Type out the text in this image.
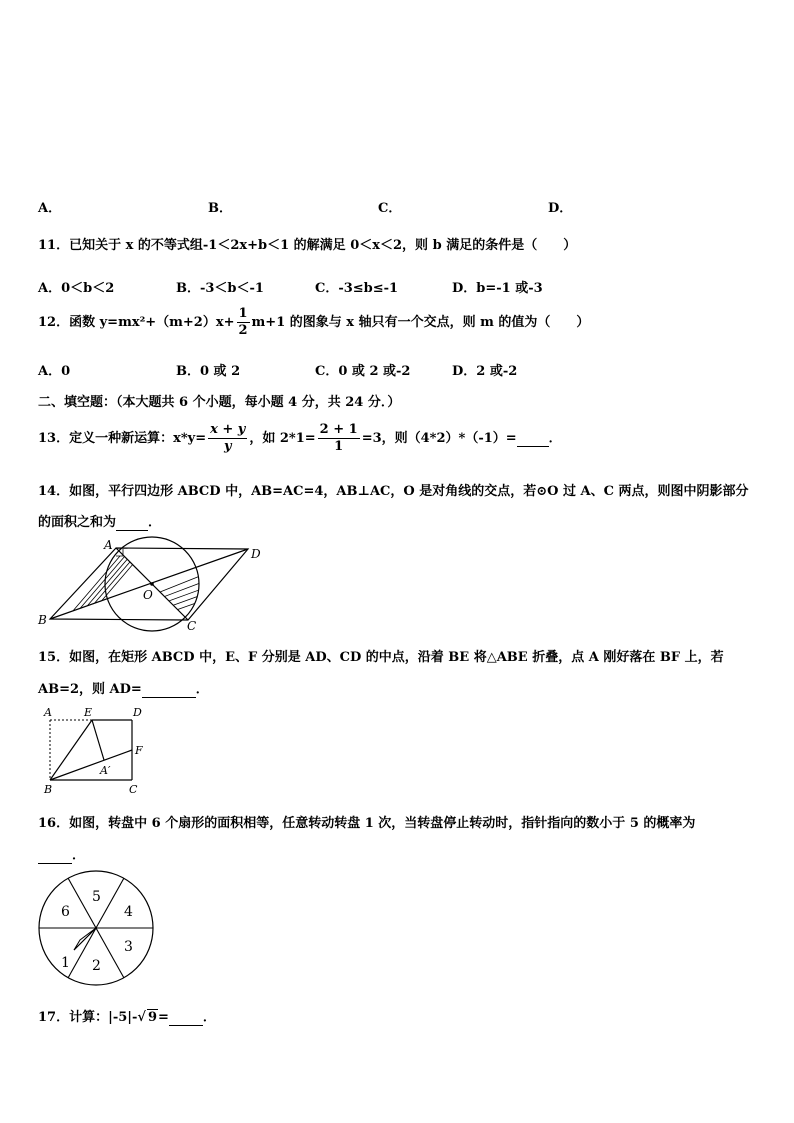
A．	B．	C．	D．
11．已知关于 x 的不等式组-1＜2x+b＜1 的解满足 0＜x＜2，则 b 满足的条件是（　　）
A．0＜b＜2	B．-3＜b＜-1	C．-3≤b≤-1	D．b=-1 或-3
12．函数 $y=mx^2+(m+2)x+ \frac{1}{2} m+1$ 的图象与 x 轴只有一个交点，则 m 的值为（　　）
A．0	B．0 或 2	C．0 或 2 或-2	D．2 或-2
二、填空题：（本大题共 6 个小题，每小题 4 分，共 24 分．）
13．定义一种新运算：$x*y= \frac{x + y}{y}$ ，如 $2*1= \frac{2 + 1}{1} =3$，则（4*2）*（-1）= ．
14．如图，平行四边形 ABCD 中，AB=AC=4，AB⊥AC，O 是对角线的交点，若⊙O 过 A、C 两点，则图中阴影部分
的面积之和为 ．
A
B	C
D
O
15．如图，在矩形 ABCD 中，E、F 分别是 AD、CD 的中点，沿着 BE 将△ABE 折叠，点 A 刚好落在 BF 上，若
AB=2，则 AD=	．
A	E	D
F
A′
B	C
16．如图，转盘中 6 个扇形的面积相等，任意转动转盘 1 次，当转盘停止转动时，指针指向的数小于 5 的概率为
．
1 2
3
4
5
6
17．计算：|-5|-√ 9=	．
